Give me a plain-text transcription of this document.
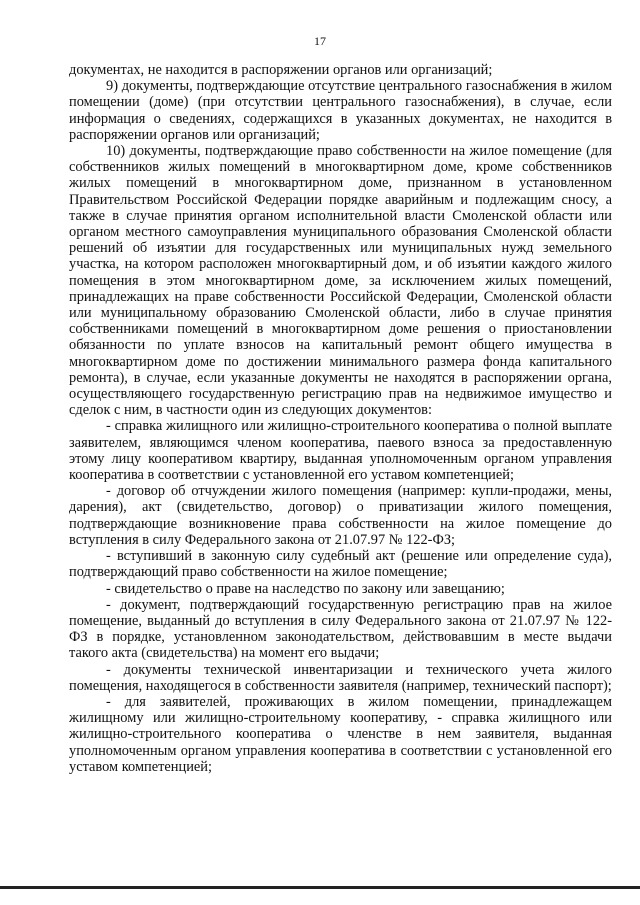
17

документах, не находится в распоряжении органов или организаций;

9) документы, подтверждающие отсутствие центрального газоснабжения в жилом помещении (доме) (при отсутствии центрального газоснабжения), в случае, если информация о сведениях, содержащихся в указанных документах, не находится в распоряжении органов или организаций;

10) документы, подтверждающие право собственности на жилое помещение (для собственников жилых помещений в многоквартирном доме, кроме собственников жилых помещений в многоквартирном доме, признанном в установленном Правительством Российской Федерации порядке аварийным и подлежащим сносу, а также в случае принятия органом исполнительной власти Смоленской области или органом местного самоуправления муниципального образования Смоленской области решений об изъятии для государственных или муниципальных нужд земельного участка, на котором расположен многоквартирный дом, и об изъятии каждого жилого помещения в этом многоквартирном доме, за исключением жилых помещений, принадлежащих на праве собственности Российской Федерации, Смоленской области или муниципальному образованию Смоленской области, либо в случае принятия собственниками помещений в многоквартирном доме решения о приостановлении обязанности по уплате взносов на капитальный ремонт общего имущества в многоквартирном доме по достижении минимального размера фонда капитального ремонта), в случае, если указанные документы не находятся в распоряжении органа, осуществляющего государственную регистрацию прав на недвижимое имущество и сделок с ним, в частности один из следующих документов:

- справка жилищного или жилищно-строительного кооператива о полной выплате заявителем, являющимся членом кооператива, паевого взноса за предоставленную этому лицу кооперативом квартиру, выданная уполномоченным органом управления кооператива в соответствии с установленной его уставом компетенцией;

- договор об отчуждении жилого помещения (например: купли-продажи, мены, дарения), акт (свидетельство, договор) о приватизации жилого помещения, подтверждающие возникновение права собственности на жилое помещение до вступления в силу Федерального закона от 21.07.97 № 122-ФЗ;

- вступивший в законную силу судебный акт (решение или определение суда), подтверждающий право собственности на жилое помещение;

- свидетельство о праве на наследство по закону или завещанию;

- документ, подтверждающий государственную регистрацию прав на жилое помещение, выданный до вступления в силу Федерального закона от 21.07.97 № 122-ФЗ в порядке, установленном законодательством, действовавшим в месте выдачи такого акта (свидетельства) на момент его выдачи;

- документы технической инвентаризации и технического учета жилого помещения, находящегося в собственности заявителя (например, технический паспорт);

- для заявителей, проживающих в жилом помещении, принадлежащем жилищному или жилищно-строительному кооперативу, - справка жилищного или жилищно-строительного кооператива о членстве в нем заявителя, выданная уполномоченным органом управления кооператива в соответствии с установленной его уставом компетенцией;
